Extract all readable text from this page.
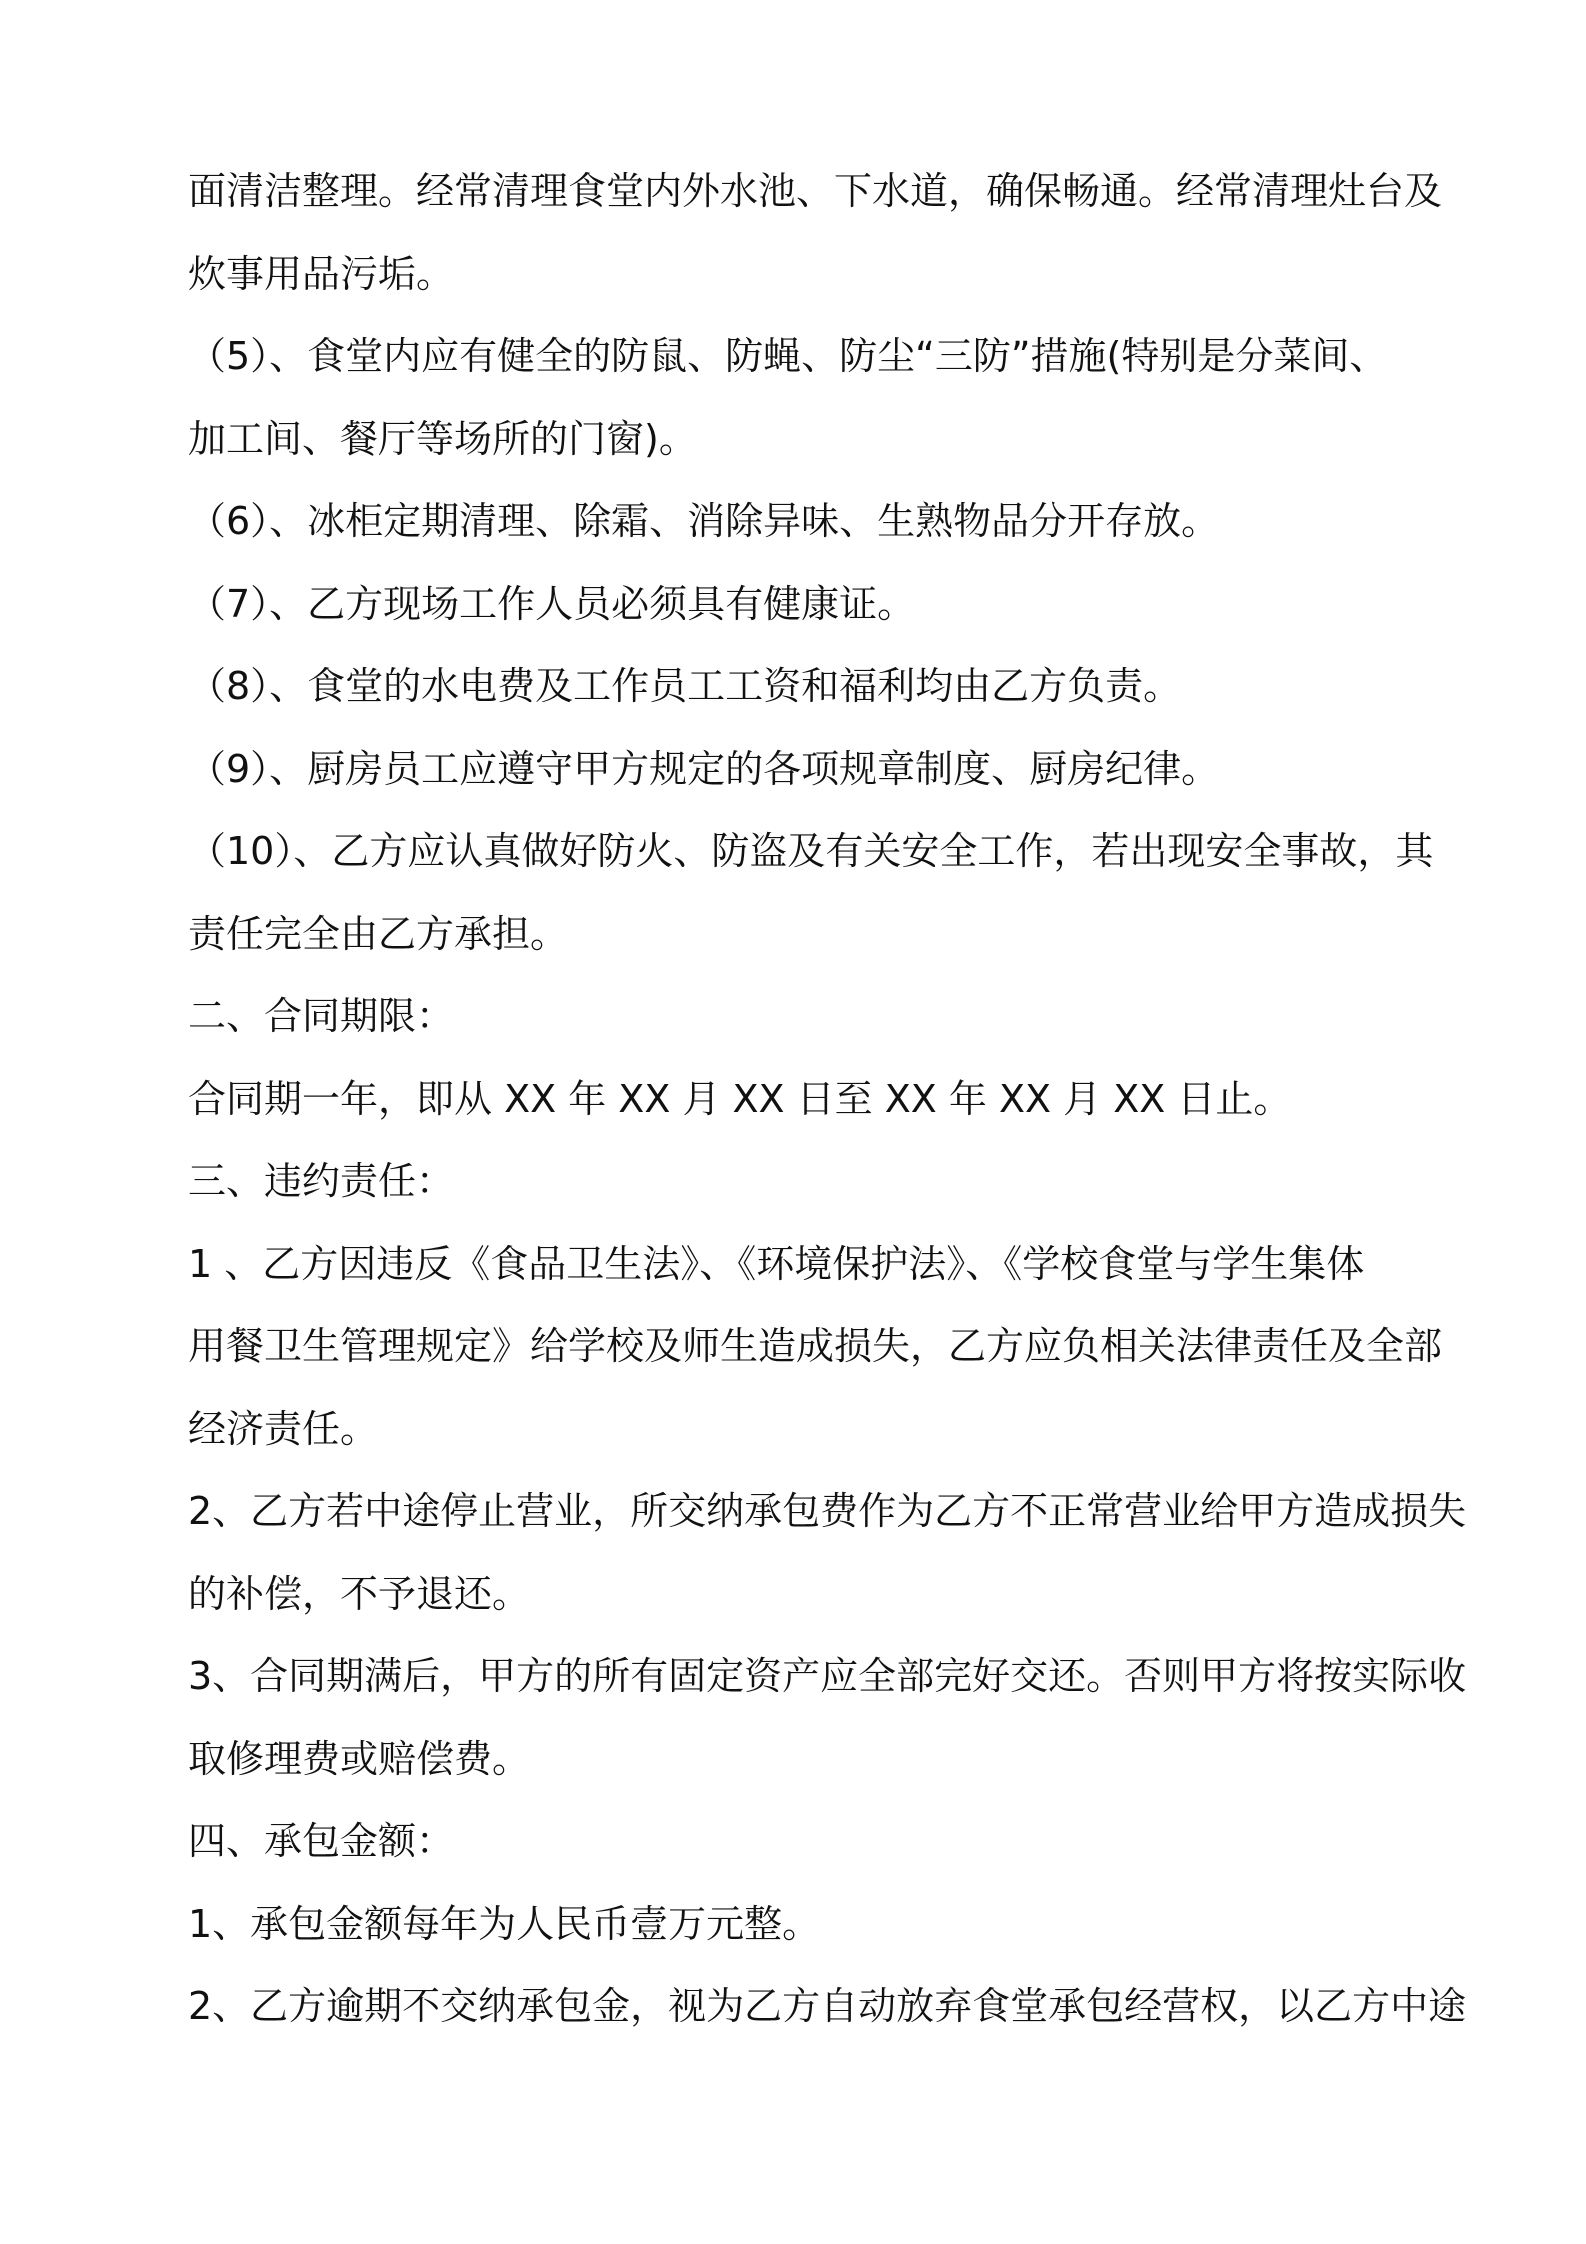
面清洁整理。经常清理食堂内外水池、下水道，确保畅通。经常清理灶台及
炊事用品污垢。
（5）、食堂内应有健全的防鼠、防蝇、防尘“三防”措施(特别是分菜间、
加工间、餐厅等场所的门窗)。
（6）、冰柜定期清理、除霜、消除异味、生熟物品分开存放。
（7）、乙方现场工作人员必须具有健康证。
（8）、食堂的水电费及工作员工工资和福利均由乙方负责。
（9）、厨房员工应遵守甲方规定的各项规章制度、厨房纪律。
（10）、乙方应认真做好防火、防盗及有关安全工作，若出现安全事故，其
责任完全由乙方承担。
二、合同期限：
合同期一年，即从 XX 年 XX 月 XX 日至 XX 年 XX 月 XX 日止。
三、违约责任：
1 、乙方因违反《食品卫生法》、《环境保护法》、《学校食堂与学生集体
用餐卫生管理规定》给学校及师生造成损失，乙方应负相关法律责任及全部
经济责任。
2、乙方若中途停止营业，所交纳承包费作为乙方不正常营业给甲方造成损失
的补偿，不予退还。
3、合同期满后，甲方的所有固定资产应全部完好交还。否则甲方将按实际收
取修理费或赔偿费。
四、承包金额：
1、承包金额每年为人民币壹万元整。
2、乙方逾期不交纳承包金，视为乙方自动放弃食堂承包经营权，以乙方中途
